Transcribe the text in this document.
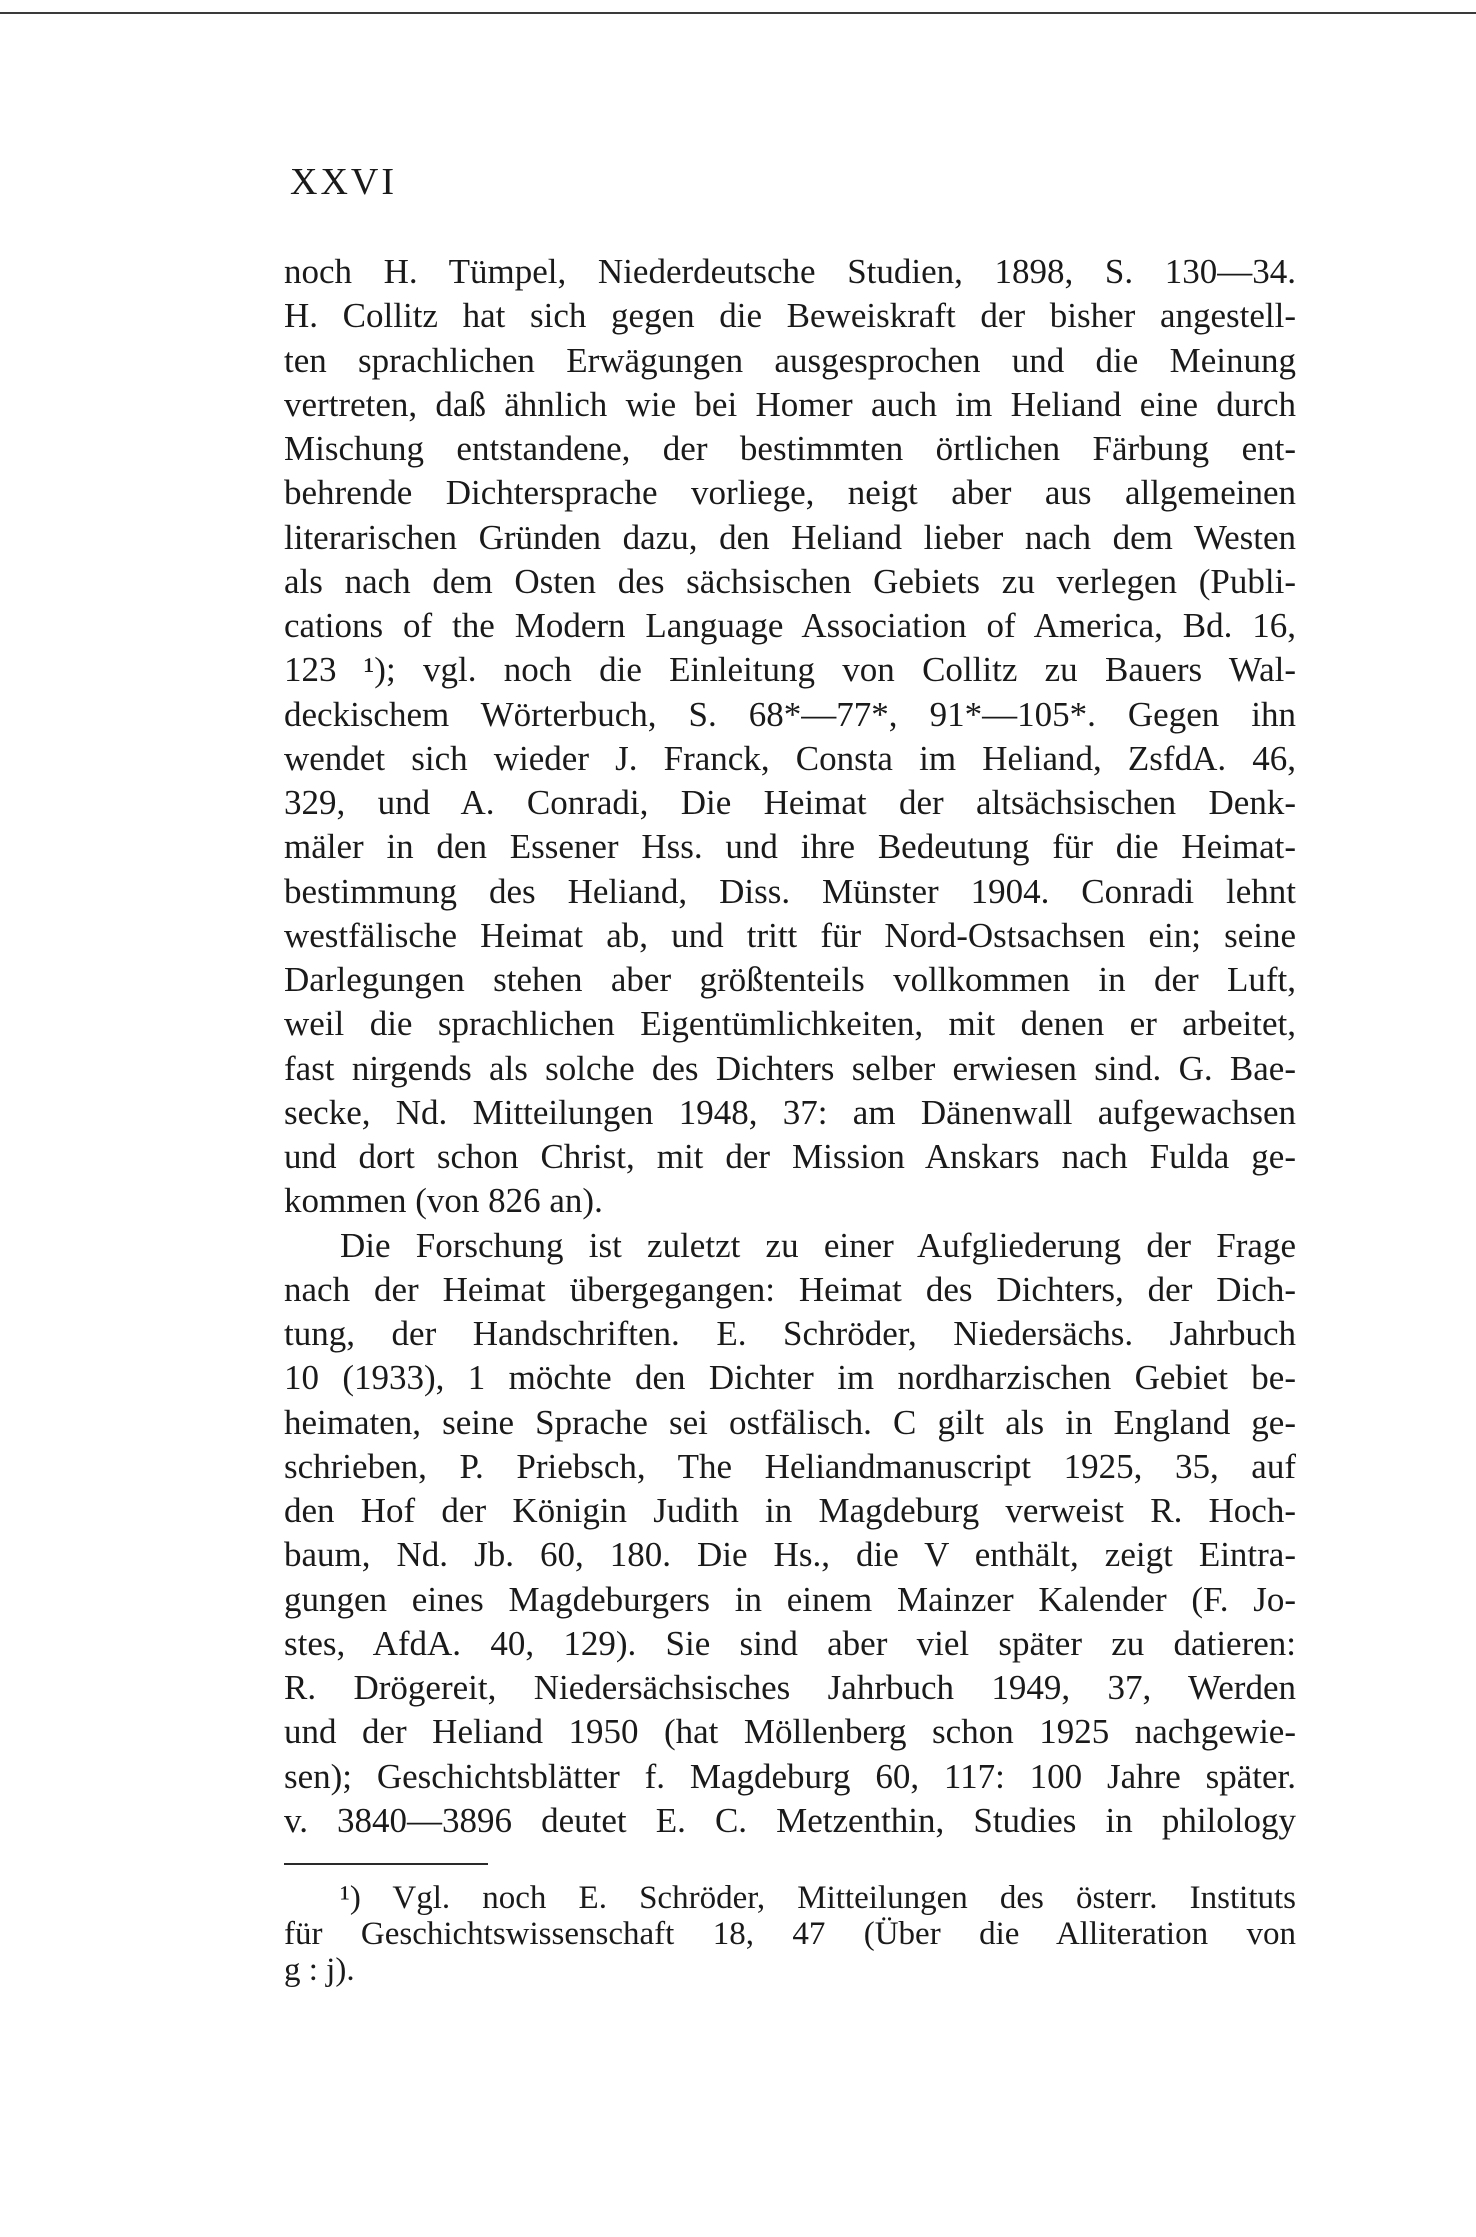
XXVI
noch H. Tümpel, Niederdeutsche Studien, 1898, S. 130—34.
H. Collitz hat sich gegen die Beweiskraft der bisher angestell-
ten sprachlichen Erwägungen ausgesprochen und die Meinung
vertreten, daß ähnlich wie bei Homer auch im Heliand eine durch
Mischung entstandene, der bestimmten örtlichen Färbung ent-
behrende Dichtersprache vorliege, neigt aber aus allgemeinen
literarischen Gründen dazu, den Heliand lieber nach dem Westen
als nach dem Osten des sächsischen Gebiets zu verlegen (Publi-
cations of the Modern Language Association of America, Bd. 16,
123 ¹); vgl. noch die Einleitung von Collitz zu Bauers Wal-
deckischem Wörterbuch, S. 68*—77*, 91*—105*. Gegen ihn
wendet sich wieder J. Franck, Consta im Heliand, ZsfdA. 46,
329, und A. Conradi, Die Heimat der altsächsischen Denk-
mäler in den Essener Hss. und ihre Bedeutung für die Heimat-
bestimmung des Heliand, Diss. Münster 1904. Conradi lehnt
westfälische Heimat ab, und tritt für Nord-Ostsachsen ein; seine
Darlegungen stehen aber größtenteils vollkommen in der Luft,
weil die sprachlichen Eigentümlichkeiten, mit denen er arbeitet,
fast nirgends als solche des Dichters selber erwiesen sind. G. Bae-
secke, Nd. Mitteilungen 1948, 37: am Dänenwall aufgewachsen
und dort schon Christ, mit der Mission Anskars nach Fulda ge-
kommen (von 826 an).
Die Forschung ist zuletzt zu einer Aufgliederung der Frage
nach der Heimat übergegangen: Heimat des Dichters, der Dich-
tung, der Handschriften. E. Schröder, Niedersächs. Jahrbuch
10 (1933), 1 möchte den Dichter im nordharzischen Gebiet be-
heimaten, seine Sprache sei ostfälisch. C gilt als in England ge-
schrieben, P. Priebsch, The Heliandmanuscript 1925, 35, auf
den Hof der Königin Judith in Magdeburg verweist R. Hoch-
baum, Nd. Jb. 60, 180. Die Hs., die V enthält, zeigt Eintra-
gungen eines Magdeburgers in einem Mainzer Kalender (F. Jo-
stes, AfdA. 40, 129). Sie sind aber viel später zu datieren:
R. Drögereit, Niedersächsisches Jahrbuch 1949, 37, Werden
und der Heliand 1950 (hat Möllenberg schon 1925 nachgewie-
sen); Geschichtsblätter f. Magdeburg 60, 117: 100 Jahre später.
v. 3840—3896 deutet E. C. Metzenthin, Studies in philology
¹) Vgl. noch E. Schröder, Mitteilungen des österr. Instituts
für Geschichtswissenschaft 18, 47 (Über die Alliteration von
g : j).
